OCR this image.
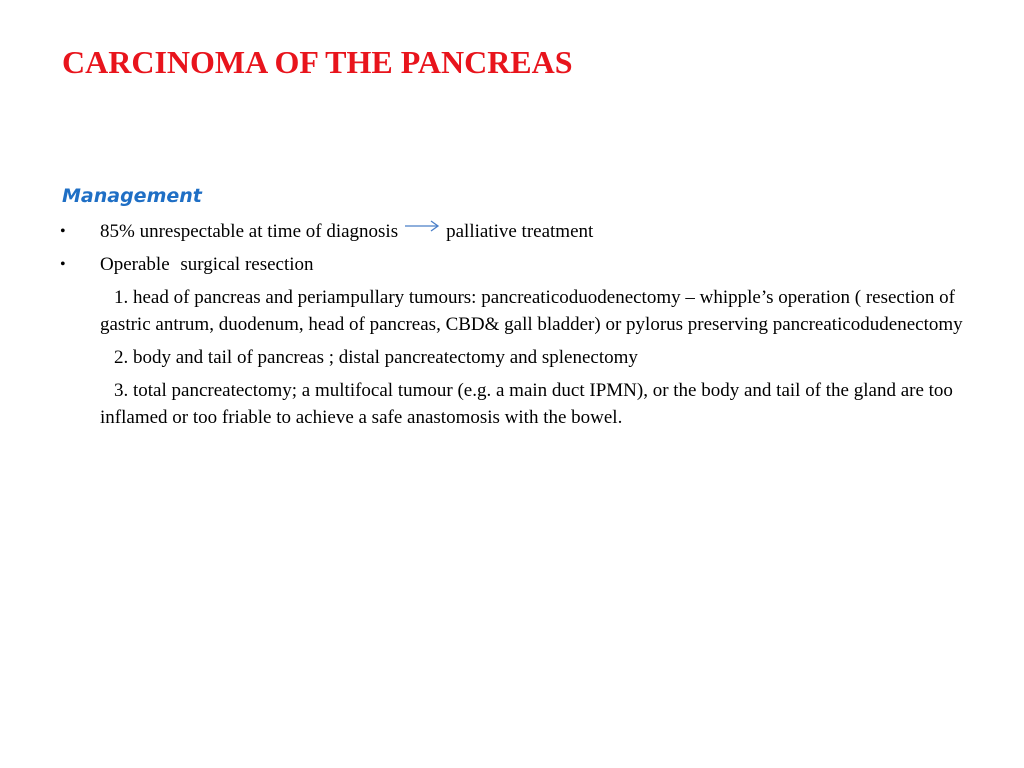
CARCINOMA OF THE PANCREAS
Management
• 85% unrespectable at time of diagnosis	palliative treatment
• Operable surgical resection
1. head of pancreas and periampullary tumours: pancreaticoduodenectomy – whipple’s operation ( resection of gastric antrum, duodenum, head of pancreas, CBD& gall bladder) or pylorus preserving pancreaticodudenectomy
2. body and tail of pancreas ; distal pancreatectomy and splenectomy
3. total pancreatectomy; a multifocal tumour (e.g. a main duct IPMN), or the body and tail of the gland are too inflamed or too friable to achieve a safe anastomosis with the bowel.
